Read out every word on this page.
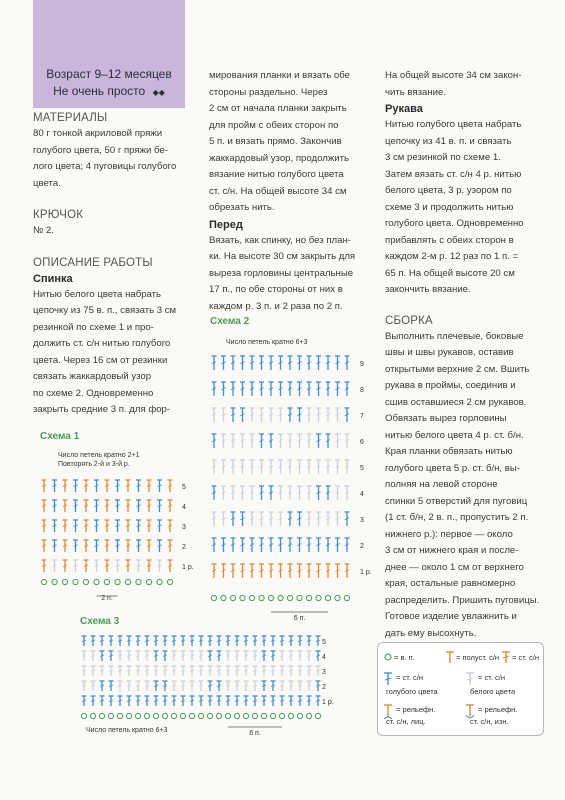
Возраст 9–12 месяцев
Не очень просто ◆◆
МАТЕРИАЛЫ

80 г тонкой акриловой пряжи

голубого цвета, 50 г пряжи бе-

лого цвета; 4 пуговицы голубого

цвета.

КРЮЧОК

№ 2.

ОПИСАНИЕ РАБОТЫ
Спинка

Нитью белого цвета набрать

цепочку из 75 в. п., связать 3 см

резинкой по схеме 1 и про-

должить ст. с/н нитью голубого

цвета. Через 16 см от резинки

связать жаккардовый узор

по схеме 2. Одновременно

закрыть средние 3 п. для фор-

мирования планки и вязать обе

стороны раздельно. Через

2 см от начала планки закрыть

для пройм с обеих сторон по

5 п. и вязать прямо. Закончив

жаккардовый узор, продолжить

вязание нитью голубого цвета

ст. с/н. На общей высоте 34 см

обрезать нить.

Перед

Вязать, как спинку, но без план-

ки. На высоте 30 см закрыть для

выреза горловины центральные

17 п., по обе стороны от них в

каждом р. 3 п. и 2 раза по 2 п.

На общей высоте 34 см закон-

чить вязание.

Рукава

Нитью голубого цвета набрать

цепочку из 41 в. п. и связать

3 см резинкой по схеме 1.

Затем вязать ст. с/н 4 р. нитью

белого цвета, 3 р. узором по

схеме 3 и продолжить нитью

голубого цвета. Одновременно

прибавлять с обеих сторон в

каждом 2-м р. 12 раз по 1 п. =

65 п. На общей высоте 20 см

закончить вязание.

СБОРКА

Выполнить плечевые, боковые

швы и швы рукавов, оставив

открытыми верхние 2 см. Вшить

рукава в проймы, соединив и

сшив оставшиеся 2 см рукавов.

Обвязать вырез горловины

нитью белого цвета 4 р. ст. б/н.

Края планки обвязать нитью

голубого цвета 5 р. ст. б/н, вы-

полняя на левой стороне

спинки 5 отверстий для пуговиц

(1 ст. б/н, 2 в. п., пропустить 2 п.

нижнего р.): первое — около

3 см от нижнего края и после-

днее — около 1 см от верхнего

края, остальные равномерно

распределить. Пришить пуговицы.

Готовое изделие увлажнить и

дать ему высохнуть.

Схема 1
Число петель кратно 2+1
Повторять 2-й и 3-й р.
5
4
3
2
1 р.
2 п.
Схема 2
Число петель кратно 6+3
9
8
7
6
5
4
3
2
1 р.
6 п.
Схема 3
5
4
3
2
1 р.
6 п.
Число петель кратно 6+3
= в. п.	= полуст. с/н = ст. с/н
= ст. с/н
голубого цвета
= ст. с/н
белого цвета
= рельефн.
ст. с/н, лиц.
= рельефн.
ст. с/н, изн.
